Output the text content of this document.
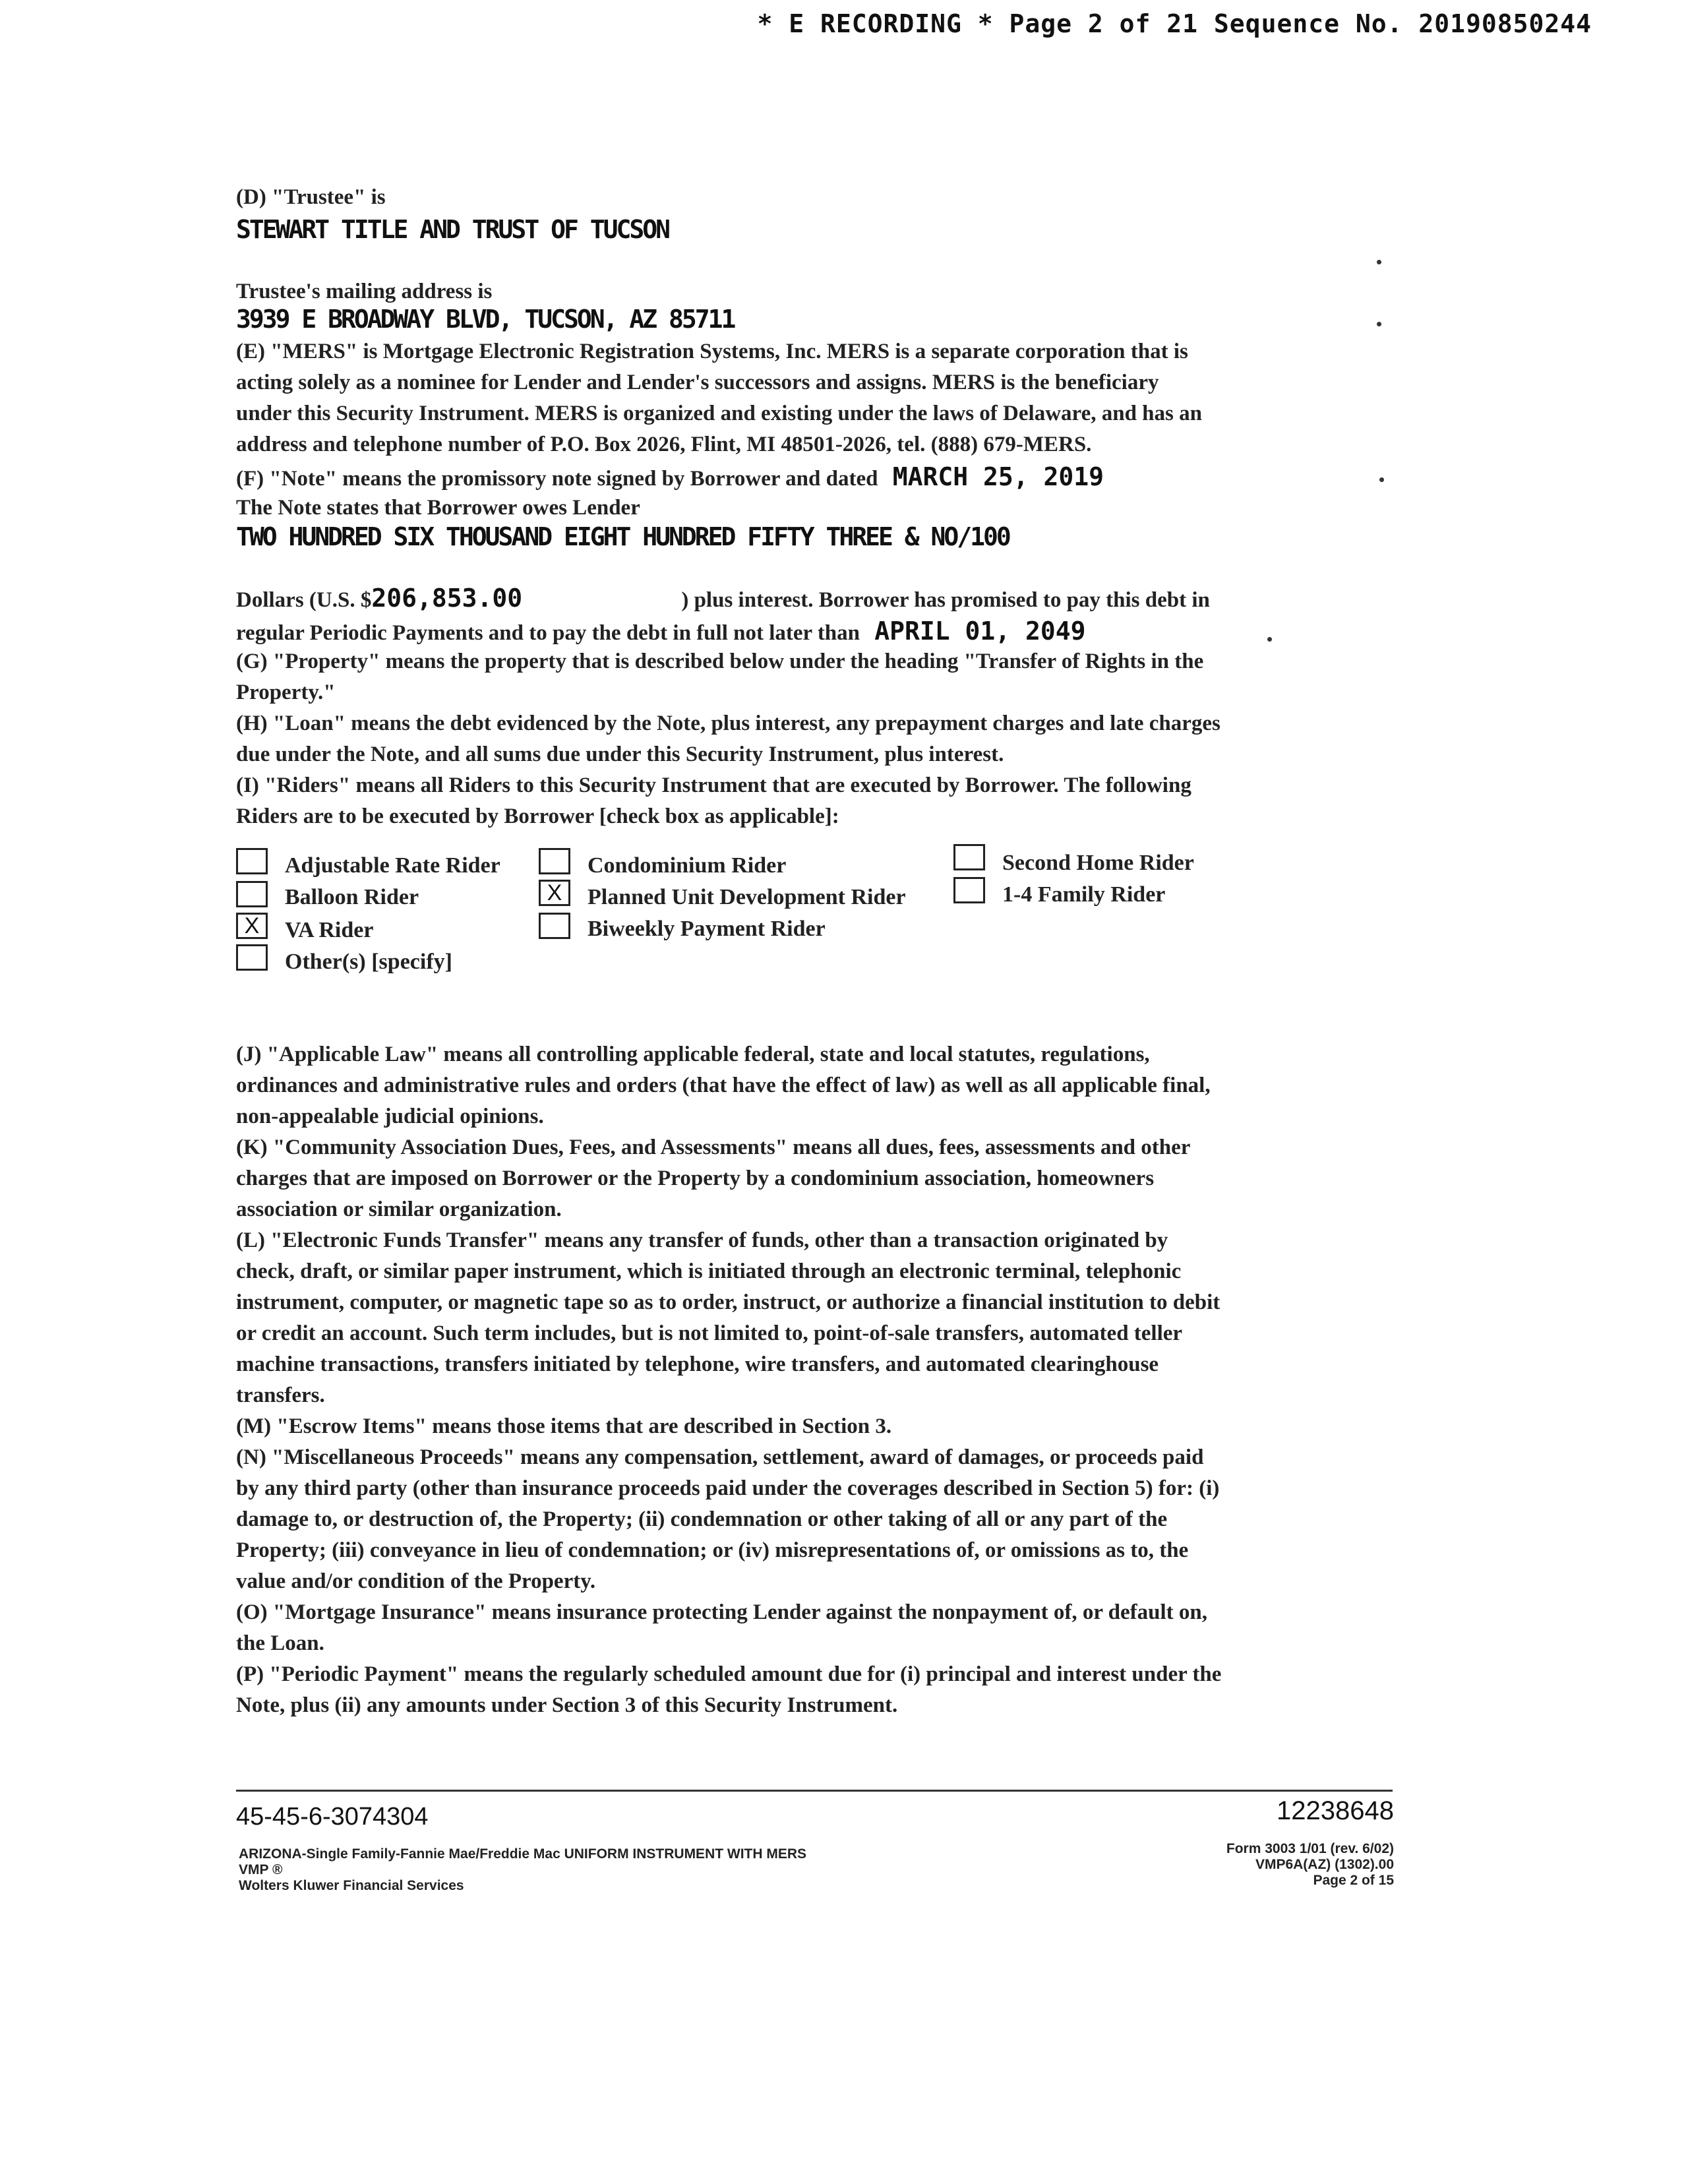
* E RECORDING * Page 2 of 21 Sequence No. 20190850244
(D) "Trustee" is
STEWART TITLE AND TRUST OF TUCSON
Trustee's mailing address is
3939 E BROADWAY BLVD, TUCSON, AZ 85711
(E) "MERS" is Mortgage Electronic Registration Systems, Inc. MERS is a separate corporation that is
acting solely as a nominee for Lender and Lender's successors and assigns. MERS is the beneficiary
under this Security Instrument. MERS is organized and existing under the laws of Delaware, and has an
address and telephone number of P.O. Box 2026, Flint, MI 48501-2026, tel. (888) 679-MERS.
(F) "Note" means the promissory note signed by Borrower and dated MARCH 25, 2019
The Note states that Borrower owes Lender
TWO HUNDRED SIX THOUSAND EIGHT HUNDRED FIFTY THREE & NO/100
Dollars (U.S. $206,853.00	) plus interest. Borrower has promised to pay this debt in
regular Periodic Payments and to pay the debt in full not later than APRIL 01, 2049
(G) "Property" means the property that is described below under the heading "Transfer of Rights in the
Property."
(H) "Loan" means the debt evidenced by the Note, plus interest, any prepayment charges and late charges
due under the Note, and all sums due under this Security Instrument, plus interest.
(I) "Riders" means all Riders to this Security Instrument that are executed by Borrower. The following
Riders are to be executed by Borrower [check box as applicable]:
Adjustable Rate Rider	Condominium Rider	Second Home Rider
Balloon Rider	X	Planned Unit Development Rider	1-4 Family Rider
X	VA Rider	Biweekly Payment Rider
Other(s) [specify]
(J) "Applicable Law" means all controlling applicable federal, state and local statutes, regulations,
ordinances and administrative rules and orders (that have the effect of law) as well as all applicable final,
non-appealable judicial opinions.
(K) "Community Association Dues, Fees, and Assessments" means all dues, fees, assessments and other
charges that are imposed on Borrower or the Property by a condominium association, homeowners
association or similar organization.
(L) "Electronic Funds Transfer" means any transfer of funds, other than a transaction originated by
check, draft, or similar paper instrument, which is initiated through an electronic terminal, telephonic
instrument, computer, or magnetic tape so as to order, instruct, or authorize a financial institution to debit
or credit an account. Such term includes, but is not limited to, point-of-sale transfers, automated teller
machine transactions, transfers initiated by telephone, wire transfers, and automated clearinghouse
transfers.
(M) "Escrow Items" means those items that are described in Section 3.
(N) "Miscellaneous Proceeds" means any compensation, settlement, award of damages, or proceeds paid
by any third party (other than insurance proceeds paid under the coverages described in Section 5) for: (i)
damage to, or destruction of, the Property; (ii) condemnation or other taking of all or any part of the
Property; (iii) conveyance in lieu of condemnation; or (iv) misrepresentations of, or omissions as to, the
value and/or condition of the Property.
(O) "Mortgage Insurance" means insurance protecting Lender against the nonpayment of, or default on,
the Loan.
(P) "Periodic Payment" means the regularly scheduled amount due for (i) principal and interest under the
Note, plus (ii) any amounts under Section 3 of this Security Instrument.
45-45-6-3074304	12238648
ARIZONA-Single Family-Fannie Mae/Freddie Mac UNIFORM INSTRUMENT WITH MERS
VMP ®
Wolters Kluwer Financial Services
Form 3003 1/01 (rev. 6/02)
VMP6A(AZ) (1302).00
Page 2 of 15
